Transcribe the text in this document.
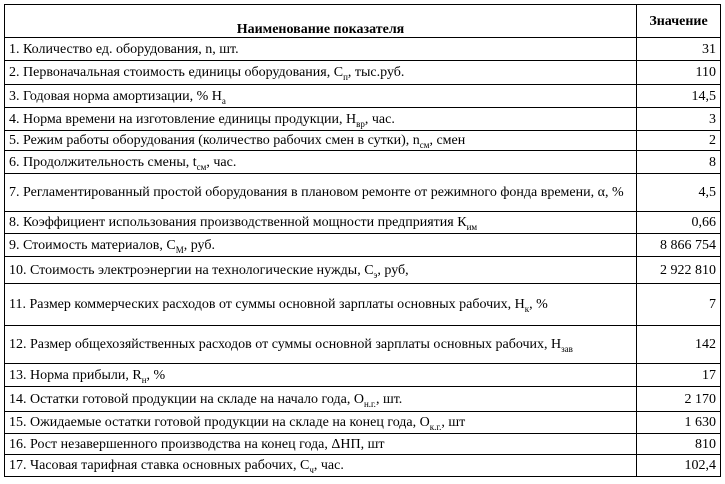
Наименование показателя	Значение
1. Количество ед. оборудования, n, шт.	31
2. Первоначальная стоимость единицы оборудования, $С_п$, тыс.руб.	110
3. Годовая норма амортизации, % $Н_а$	14,5
4. Норма времени на изготовление единицы продукции, $Н_{вр}$, час.	3
5. Режим работы оборудования (количество рабочих смен в сутки), $n_{см}$, смен	2
6. Продолжительность смены, $t_{см}$, час.	8
7. Регламентированный простой оборудования в плановом ремонте от режимного фонда времени, α, %	4,5
8. Коэффициент использования производственной мощности предприятия $К_{им}$	0,66
9. Стоимость материалов, $С_М$, руб.	8 866 754
10. Стоимость электроэнергии на технологические нужды, $С_э$, руб,	2 922 810
11. Размер коммерческих расходов от суммы основной зарплаты основных рабочих, $Н_к$, %	7
12. Размер общехозяйственных расходов от суммы основной зарплаты основных рабочих, $Н_{зав}$	142
13. Норма прибыли, $R_н$, %	17
14. Остатки готовой продукции на складе на начало года, $О_{н.г.}$, шт.	2 170
15. Ожидаемые остатки готовой продукции на складе на конец года, $О_{к.г.}$, шт	1 630
16. Рост незавершенного производства на конец года, ΔНП, шт	810
17. Часовая тарифная ставка основных рабочих, $С_ч$, час.	102,4
